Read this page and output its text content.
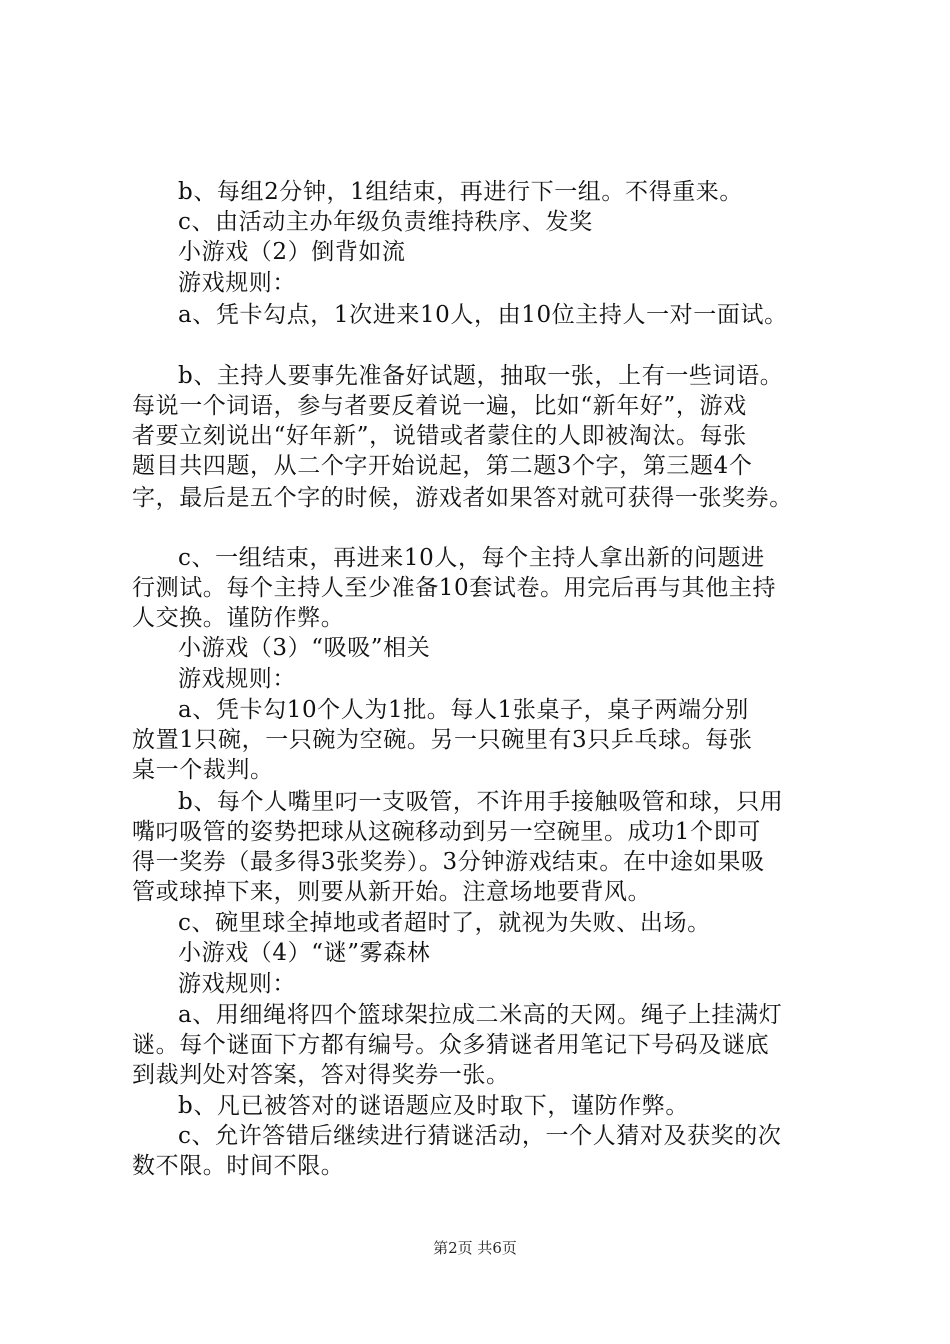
b、每组2分钟，1组结束，再进行下一组。不得重来。

c、由活动主办年级负责维持秩序、发奖

小游戏（2）倒背如流

游戏规则：

a、凭卡勾点，1次进来10人，由10位主持人一对一面试。

b、主持人要事先准备好试题，抽取一张，上有一些词语。

每说一个词语，参与者要反着说一遍，比如“新年好”，游戏

者要立刻说出“好年新”，说错或者蒙住的人即被淘汰。每张

题目共四题，从二个字开始说起，第二题3个字，第三题4个

字，最后是五个字的时候，游戏者如果答对就可获得一张奖券。

c、一组结束，再进来10人，每个主持人拿出新的问题进

行测试。每个主持人至少准备10套试卷。用完后再与其他主持

人交换。谨防作弊。

小游戏（3）“吸吸”相关

游戏规则：

a、凭卡勾10个人为1批。每人1张桌子，桌子两端分别

放置1只碗，一只碗为空碗。另一只碗里有3只乒乓球。每张

桌一个裁判。

b、每个人嘴里叼一支吸管，不许用手接触吸管和球，只用

嘴叼吸管的姿势把球从这碗移动到另一空碗里。成功1个即可

得一奖券（最多得3张奖券）。3分钟游戏结束。在中途如果吸

管或球掉下来，则要从新开始。注意场地要背风。

c、碗里球全掉地或者超时了，就视为失败、出场。

小游戏（4）“谜”雾森林

游戏规则：

a、用细绳将四个篮球架拉成二米高的天网。绳子上挂满灯

谜。每个谜面下方都有编号。众多猜谜者用笔记下号码及谜底

到裁判处对答案，答对得奖券一张。

b、凡已被答对的谜语题应及时取下，谨防作弊。

c、允许答错后继续进行猜谜活动，一个人猜对及获奖的次

数不限。时间不限。

第2页 共6页
